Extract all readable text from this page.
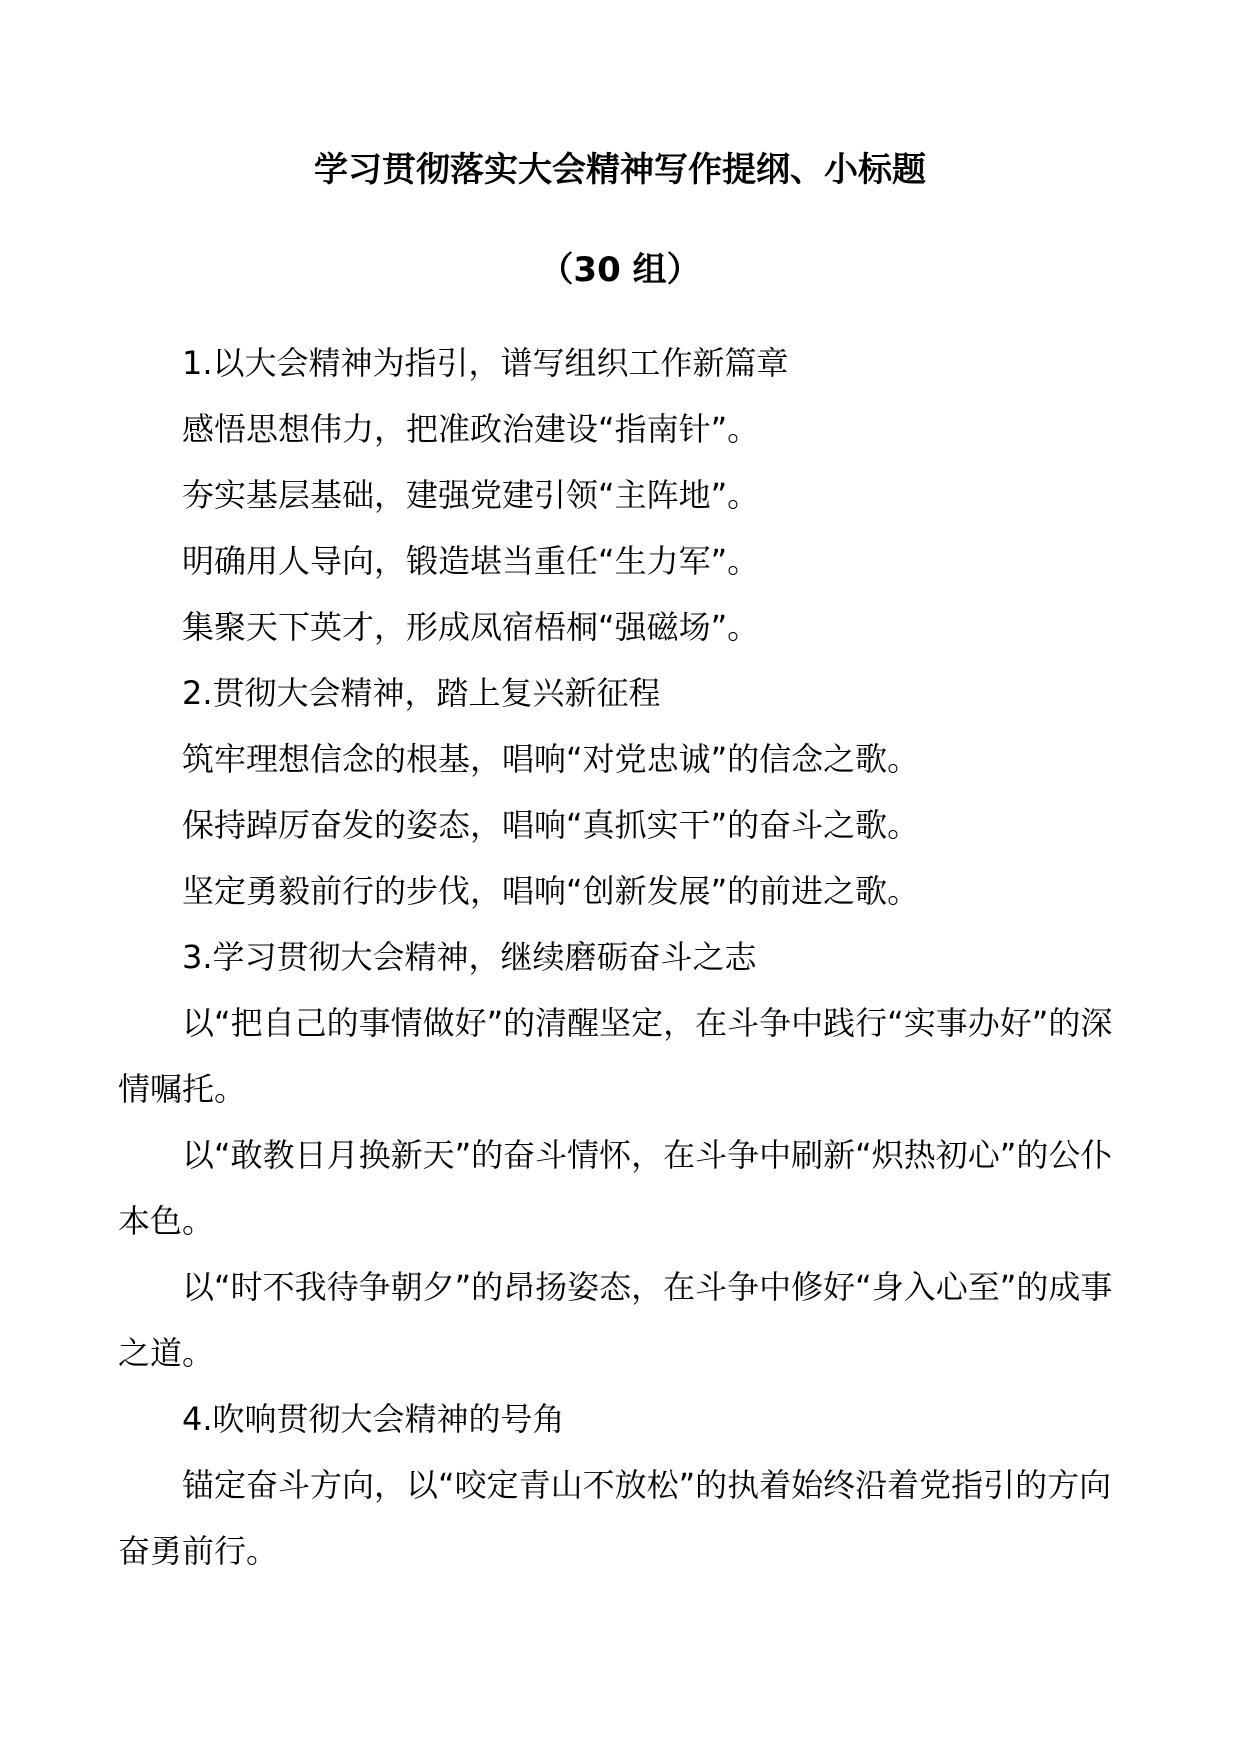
学习贯彻落实大会精神写作提纲、小标题
（30 组）

1.以大会精神为指引，谱写组织工作新篇章

感悟思想伟力，把准政治建设“指南针”。

夯实基层基础，建强党建引领“主阵地”。

明确用人导向，锻造堪当重任“生力军”。

集聚天下英才，形成凤宿梧桐“强磁场”。

2.贯彻大会精神，踏上复兴新征程

筑牢理想信念的根基，唱响“对党忠诚”的信念之歌。

保持踔厉奋发的姿态，唱响“真抓实干”的奋斗之歌。

坚定勇毅前行的步伐，唱响“创新发展”的前进之歌。

3.学习贯彻大会精神，继续磨砺奋斗之志

以“把自己的事情做好”的清醒坚定，在斗争中践行“实事办好”的深情嘱托。

以“敢教日月换新天”的奋斗情怀，在斗争中刷新“炽热初心”的公仆本色。

以“时不我待争朝夕”的昂扬姿态，在斗争中修好“身入心至”的成事之道。

4.吹响贯彻大会精神的号角

锚定奋斗方向，以“咬定青山不放松”的执着始终沿着党指引的方向奋勇前行。
